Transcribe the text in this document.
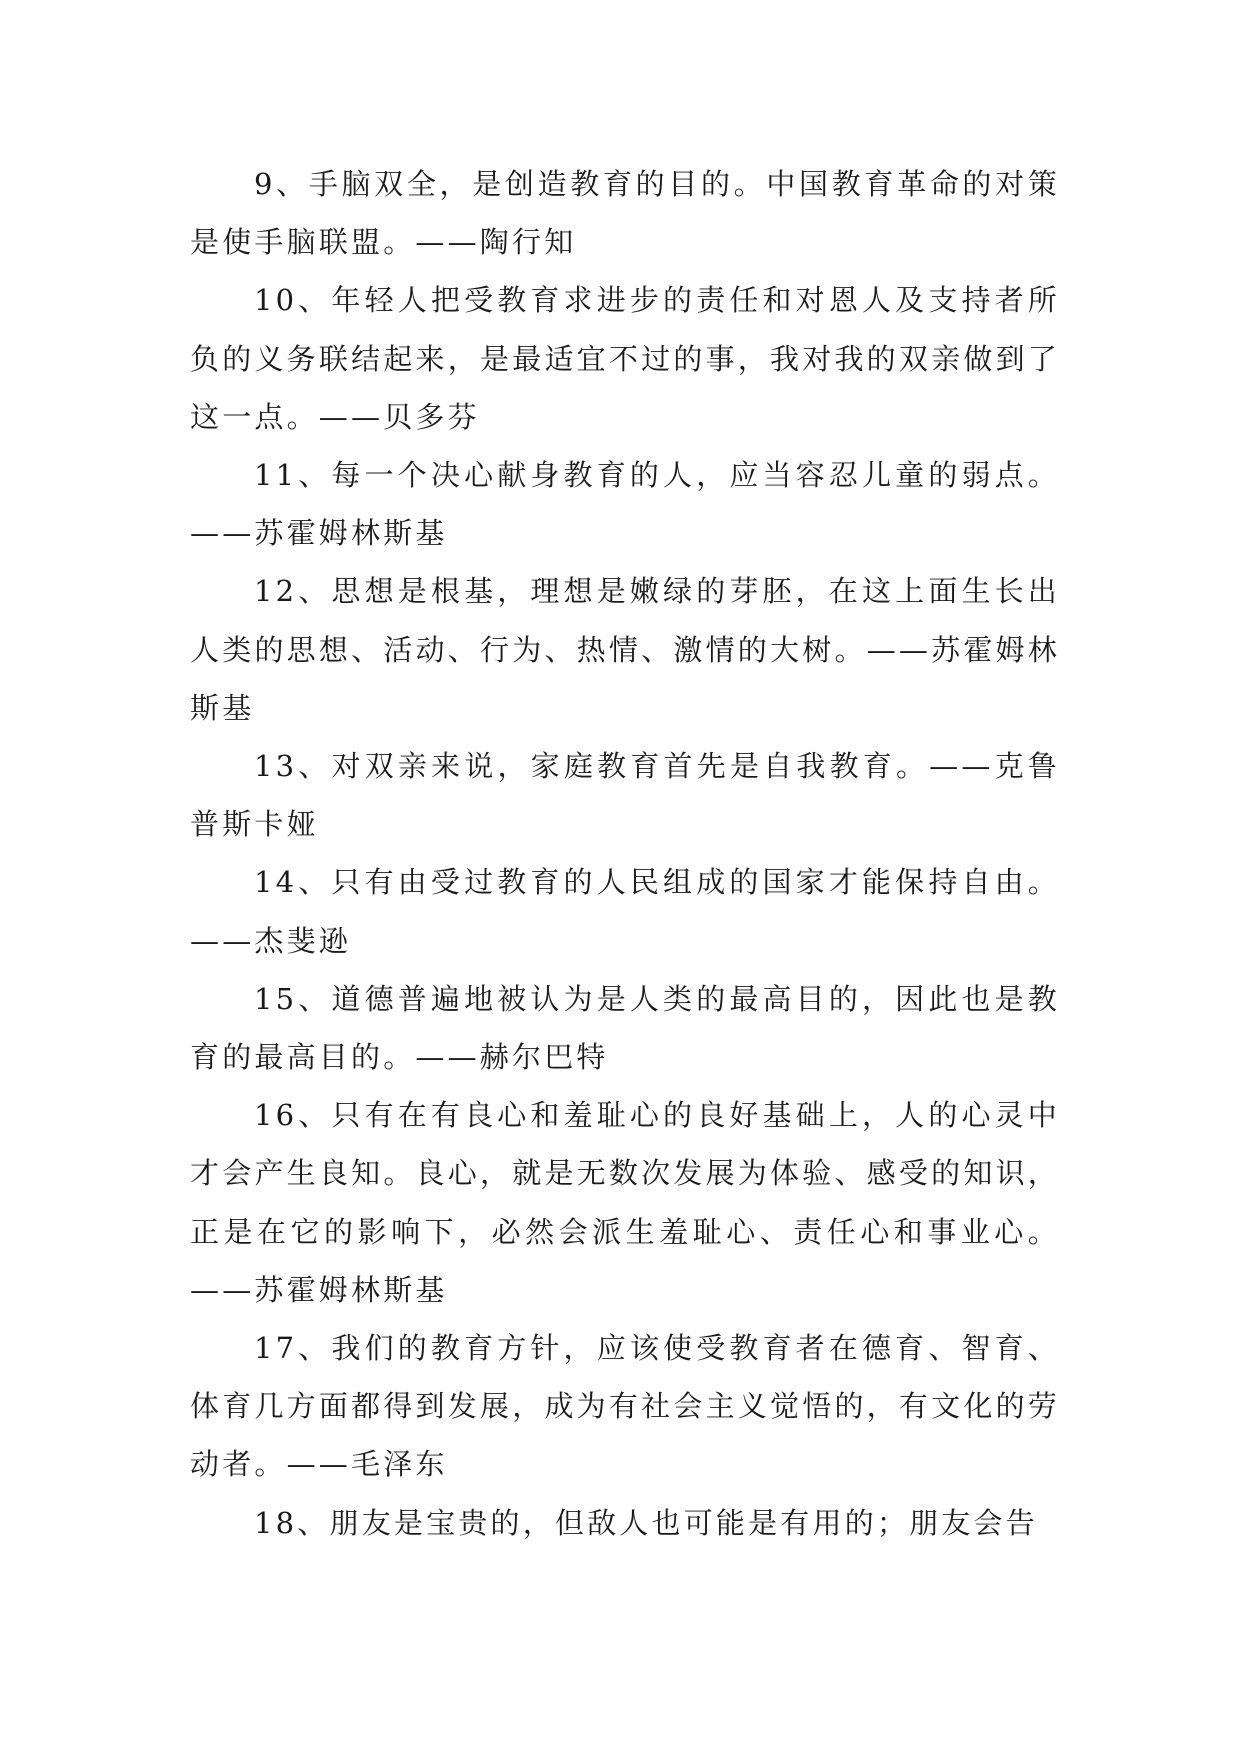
9、手脑双全，是创造教育的目的。中国教育革命的对策是使手脑联盟。——陶行知

10、年轻人把受教育求进步的责任和对恩人及支持者所负的义务联结起来，是最适宜不过的事，我对我的双亲做到了这一点。——贝多芬

11、每一个决心献身教育的人，应当容忍儿童的弱点。——苏霍姆林斯基

12、思想是根基，理想是嫩绿的芽胚，在这上面生长出人类的思想、活动、行为、热情、激情的大树。——苏霍姆林斯基

13、对双亲来说，家庭教育首先是自我教育。——克鲁普斯卡娅

14、只有由受过教育的人民组成的国家才能保持自由。——杰斐逊

15、道德普遍地被认为是人类的最高目的，因此也是教育的最高目的。——赫尔巴特

16、只有在有良心和羞耻心的良好基础上，人的心灵中才会产生良知。良心，就是无数次发展为体验、感受的知识，正是在它的影响下，必然会派生羞耻心、责任心和事业心。——苏霍姆林斯基

17、我们的教育方针，应该使受教育者在德育、智育、体育几方面都得到发展，成为有社会主义觉悟的，有文化的劳动者。——毛泽东

18、朋友是宝贵的，但敌人也可能是有用的；朋友会告
